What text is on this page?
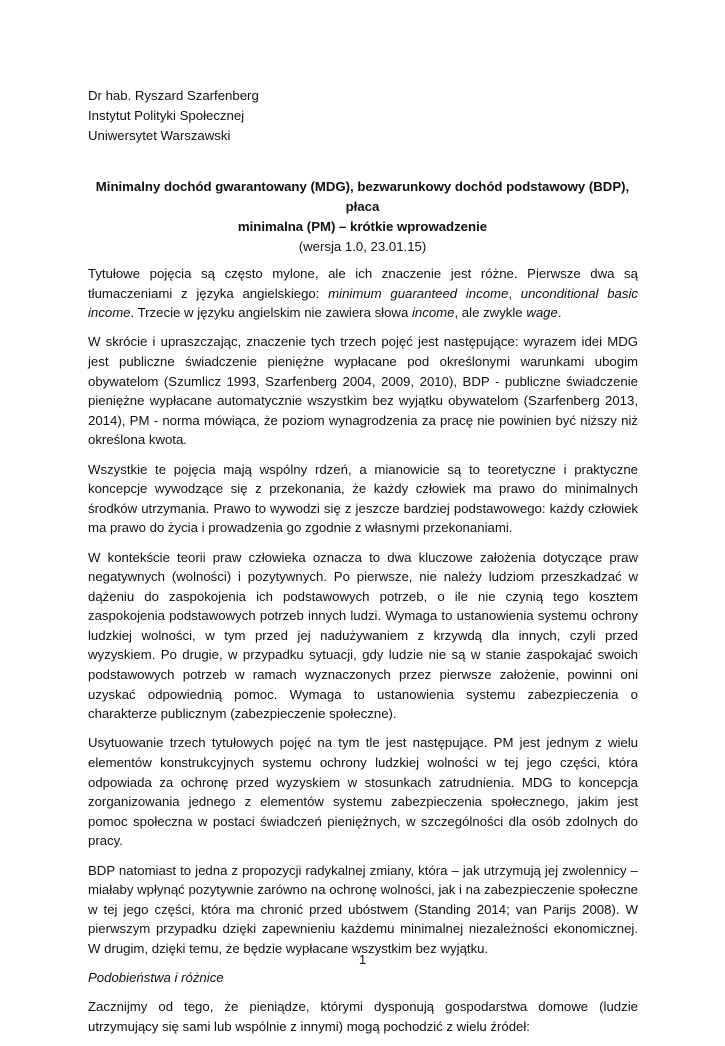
Dr hab. Ryszard Szarfenberg
Instytut Polityki Społecznej
Uniwersytet Warszawski
Minimalny dochód gwarantowany (MDG), bezwarunkowy dochód podstawowy (BDP), płaca
minimalna (PM) – krótkie wprowadzenie
(wersja 1.0, 23.01.15)

Tytułowe pojęcia są często mylone, ale ich znaczenie jest różne. Pierwsze dwa są tłumaczeniami z języka angielskiego: minimum guaranteed income, unconditional basic income. Trzecie w języku angielskim nie zawiera słowa income, ale zwykle wage.

W skrócie i upraszczając, znaczenie tych trzech pojęć jest następujące: wyrazem idei MDG jest publiczne świadczenie pieniężne wypłacane pod określonymi warunkami ubogim obywatelom (Szumlicz 1993, Szarfenberg 2004, 2009, 2010), BDP - publiczne świadczenie pieniężne wypłacane automatycznie wszystkim bez wyjątku obywatelom (Szarfenberg 2013, 2014), PM - norma mówiąca, że poziom wynagrodzenia za pracę nie powinien być niższy niż określona kwota.

Wszystkie te pojęcia mają wspólny rdzeń, a mianowicie są to teoretyczne i praktyczne koncepcje wywodzące się z przekonania, że każdy człowiek ma prawo do minimalnych środków utrzymania. Prawo to wywodzi się z jeszcze bardziej podstawowego: każdy człowiek ma prawo do życia i prowadzenia go zgodnie z własnymi przekonaniami.

W kontekście teorii praw człowieka oznacza to dwa kluczowe założenia dotyczące praw negatywnych (wolności) i pozytywnych. Po pierwsze, nie należy ludziom przeszkadzać w dążeniu do zaspokojenia ich podstawowych potrzeb, o ile nie czynią tego kosztem zaspokojenia podstawowych potrzeb innych ludzi. Wymaga to ustanowienia systemu ochrony ludzkiej wolności, w tym przed jej nadużywaniem z krzywdą dla innych, czyli przed wyzyskiem. Po drugie, w przypadku sytuacji, gdy ludzie nie są w stanie zaspokajać swoich podstawowych potrzeb w ramach wyznaczonych przez pierwsze założenie, powinni oni uzyskać odpowiednią pomoc. Wymaga to ustanowienia systemu zabezpieczenia o charakterze publicznym (zabezpieczenie społeczne).

Usytuowanie trzech tytułowych pojęć na tym tle jest następujące. PM jest jednym z wielu elementów konstrukcyjnych systemu ochrony ludzkiej wolności w tej jego części, która odpowiada za ochronę przed wyzyskiem w stosunkach zatrudnienia. MDG to koncepcja zorganizowania jednego z elementów systemu zabezpieczenia społecznego, jakim jest pomoc społeczna w postaci świadczeń pieniężnych, w szczególności dla osób zdolnych do pracy.

BDP natomiast to jedna z propozycji radykalnej zmiany, która – jak utrzymują jej zwolennicy – miałaby wpłynąć pozytywnie zarówno na ochronę wolności, jak i na zabezpieczenie społeczne w tej jego części, która ma chronić przed ubóstwem (Standing 2014; van Parijs 2008). W pierwszym przypadku dzięki zapewnieniu każdemu minimalnej niezależności ekonomicznej. W drugim, dzięki temu, że będzie wypłacane wszystkim bez wyjątku.

Podobieństwa i różnice

Zacznijmy od tego, że pieniądze, którymi dysponują gospodarstwa domowe (ludzie utrzymujący się sami lub wspólnie z innymi) mogą pochodzić z wielu źródeł:

1
